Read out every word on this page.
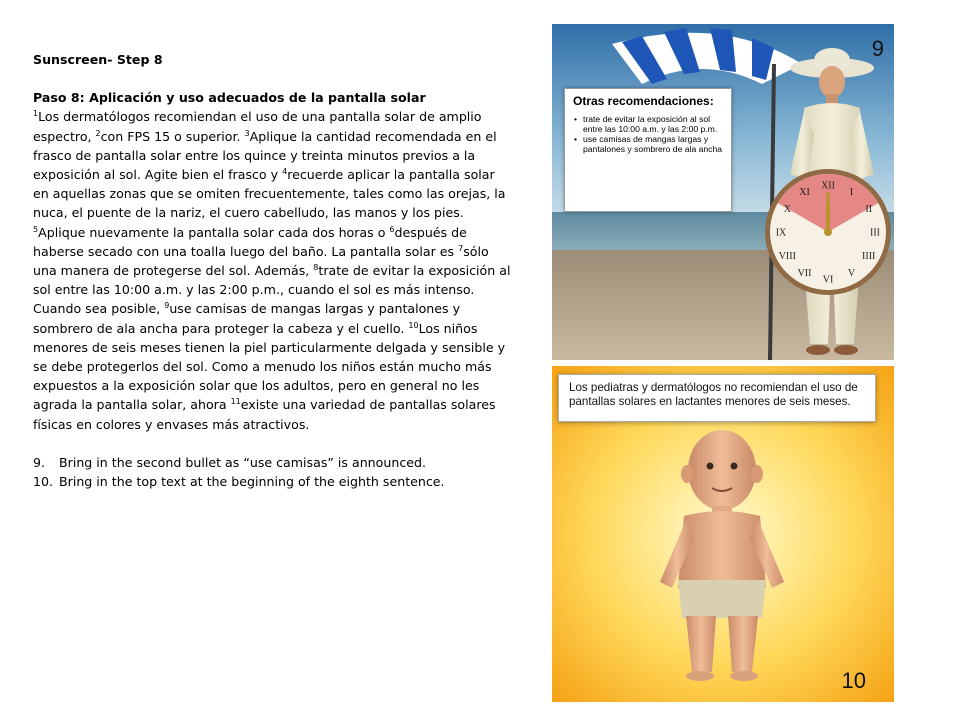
Sunscreen- Step 8

Paso 8: Aplicación y uso adecuados de la pantalla solar

$^1$Los dermatólogos recomiendan el uso de una pantalla solar de amplio espectro, $^2$con FPS 15 o superior. $^3$Aplique la cantidad recomendada en el frasco de pantalla solar entre los quince y treinta minutos previos a la exposición al sol. Agite bien el frasco y $^4$recuerde aplicar la pantalla solar en aquellas zonas que se omiten frecuentemente, tales como las orejas, la nuca, el puente de la nariz, el cuero cabelludo, las manos y los pies. $^5$Aplique nuevamente la pantalla solar cada dos horas o $^6$después de haberse secado con una toalla luego del baño. La pantalla solar es $^7$sólo una manera de protegerse del sol. Además, $^8$trate de evitar la exposición al sol entre las 10:00 a.m. y las 2:00 p.m., cuando el sol es más intenso. Cuando sea posible, $^9$use camisas de mangas largas y pantalones y sombrero de ala ancha para proteger la cabeza y el cuello. $^{10}$Los niños menores de seis meses tienen la piel particularmente delgada y sensible y se debe protegerlos del sol. Como a menudo los niños están mucho más expuestos a la exposición solar que los adultos, pero en general no les agrada la pantalla solar, ahora $^{11}$existe una variedad de pantallas solares físicas en colores y envases más atractivos.

9.	Bring in the second bullet as “use camisas” is announced.
10. Bring in the top text at the beginning of the eighth sentence.
XII
I
II
III
IIII
V
VI
VII
VIII
IX
X
XI
Otras recomendaciones:
• trate de evitar la exposición al sol entre las 10:00 a.m. y las 2:00 p.m.
• use camisas de mangas largas y pantalones y sombrero de ala ancha
9
Los pediatras y dermatólogos no recomiendan el uso de pantallas solares en lactantes menores de seis meses.
10
